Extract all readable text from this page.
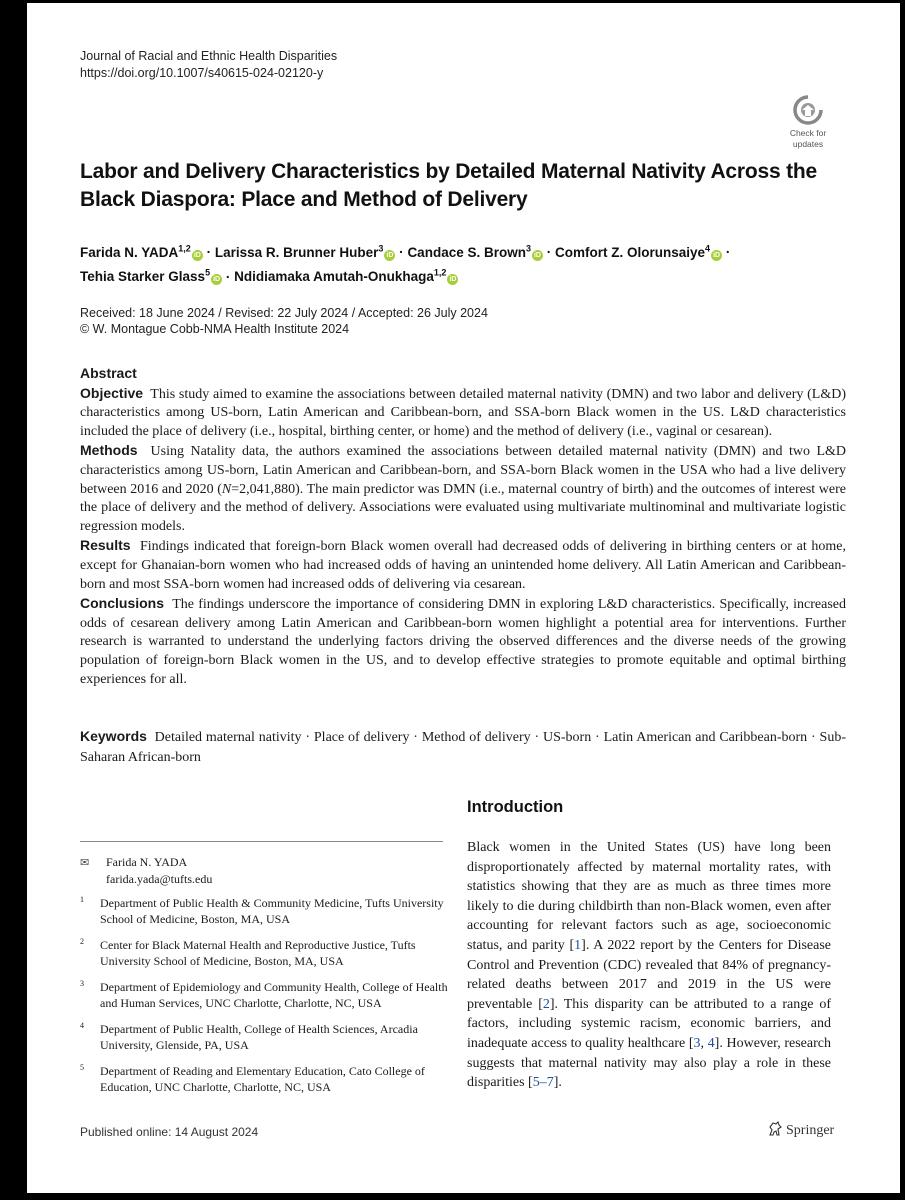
Journal of Racial and Ethnic Health Disparities
https://doi.org/10.1007/s40615-024-02120-y
Check for
updates
Labor and Delivery Characteristics by Detailed Maternal Nativity Across the Black Diaspora: Place and Method of Delivery
Farida N. YADA$^{1,2}$iD · Larissa R. Brunner Huber$^3$iD · Candace S. Brown$^3$iD · Comfort Z. Olorunsaiye$^4$iD ·
Tehia Starker Glass$^5$iD · Ndidiamaka Amutah-Onukhaga$^{1,2}$iD
Received: 18 June 2024 / Revised: 22 July 2024 / Accepted: 26 July 2024
© W. Montague Cobb-NMA Health Institute 2024
Abstract

Objective This study aimed to examine the associations between detailed maternal nativity (DMN) and two labor and delivery (L&D) characteristics among US-born, Latin American and Caribbean-born, and SSA-born Black women in the US. L&D characteristics included the place of delivery (i.e., hospital, birthing center, or home) and the method of delivery (i.e., vaginal or cesarean).

Methods Using Natality data, the authors examined the associations between detailed maternal nativity (DMN) and two L&D characteristics among US-born, Latin American and Caribbean-born, and SSA-born Black women in the USA who had a live delivery between 2016 and 2020 (N=2,041,880). The main predictor was DMN (i.e., maternal country of birth) and the outcomes of interest were the place of delivery and the method of delivery. Associations were evaluated using multivariate multinominal and multivariate logistic regression models.

Results Findings indicated that foreign-born Black women overall had decreased odds of delivering in birthing centers or at home, except for Ghanaian-born women who had increased odds of having an unintended home delivery. All Latin American and Caribbean-born and most SSA-born women had increased odds of delivering via cesarean.

Conclusions The findings underscore the importance of considering DMN in exploring L&D characteristics. Specifically, increased odds of cesarean delivery among Latin American and Caribbean-born women highlight a potential area for interventions. Further research is warranted to understand the underlying factors driving the observed differences and the diverse needs of the growing population of foreign-born Black women in the US, and to develop effective strategies to promote equitable and optimal birthing experiences for all.

Keywords Detailed maternal nativity · Place of delivery · Method of delivery · US-born · Latin American and Caribbean-born · Sub-Saharan African-born
✉ Farida N. YADA
farida.yada@tufts.edu
1 Department of Public Health & Community Medicine, Tufts University School of Medicine, Boston, MA, USA
2 Center for Black Maternal Health and Reproductive Justice, Tufts University School of Medicine, Boston, MA, USA
3 Department of Epidemiology and Community Health, College of Health and Human Services, UNC Charlotte, Charlotte, NC, USA
4 Department of Public Health, College of Health Sciences, Arcadia University, Glenside, PA, USA
5 Department of Reading and Elementary Education, Cato College of Education, UNC Charlotte, Charlotte, NC, USA
Introduction
Black women in the United States (US) have long been disproportionately affected by maternal mortality rates, with statistics showing that they are as much as three times more likely to die during childbirth than non-Black women, even after accounting for relevant factors such as age, socioeconomic status, and parity [1]. A 2022 report by the Centers for Disease Control and Prevention (CDC) revealed that 84% of pregnancy-related deaths between 2017 and 2019 in the US were preventable [2]. This disparity can be attributed to a range of factors, including systemic racism, economic barriers, and inadequate access to quality healthcare [3, 4]. However, research suggests that maternal nativity may also play a role in these disparities [5–7].
Published online: 14 August 2024	Springer
